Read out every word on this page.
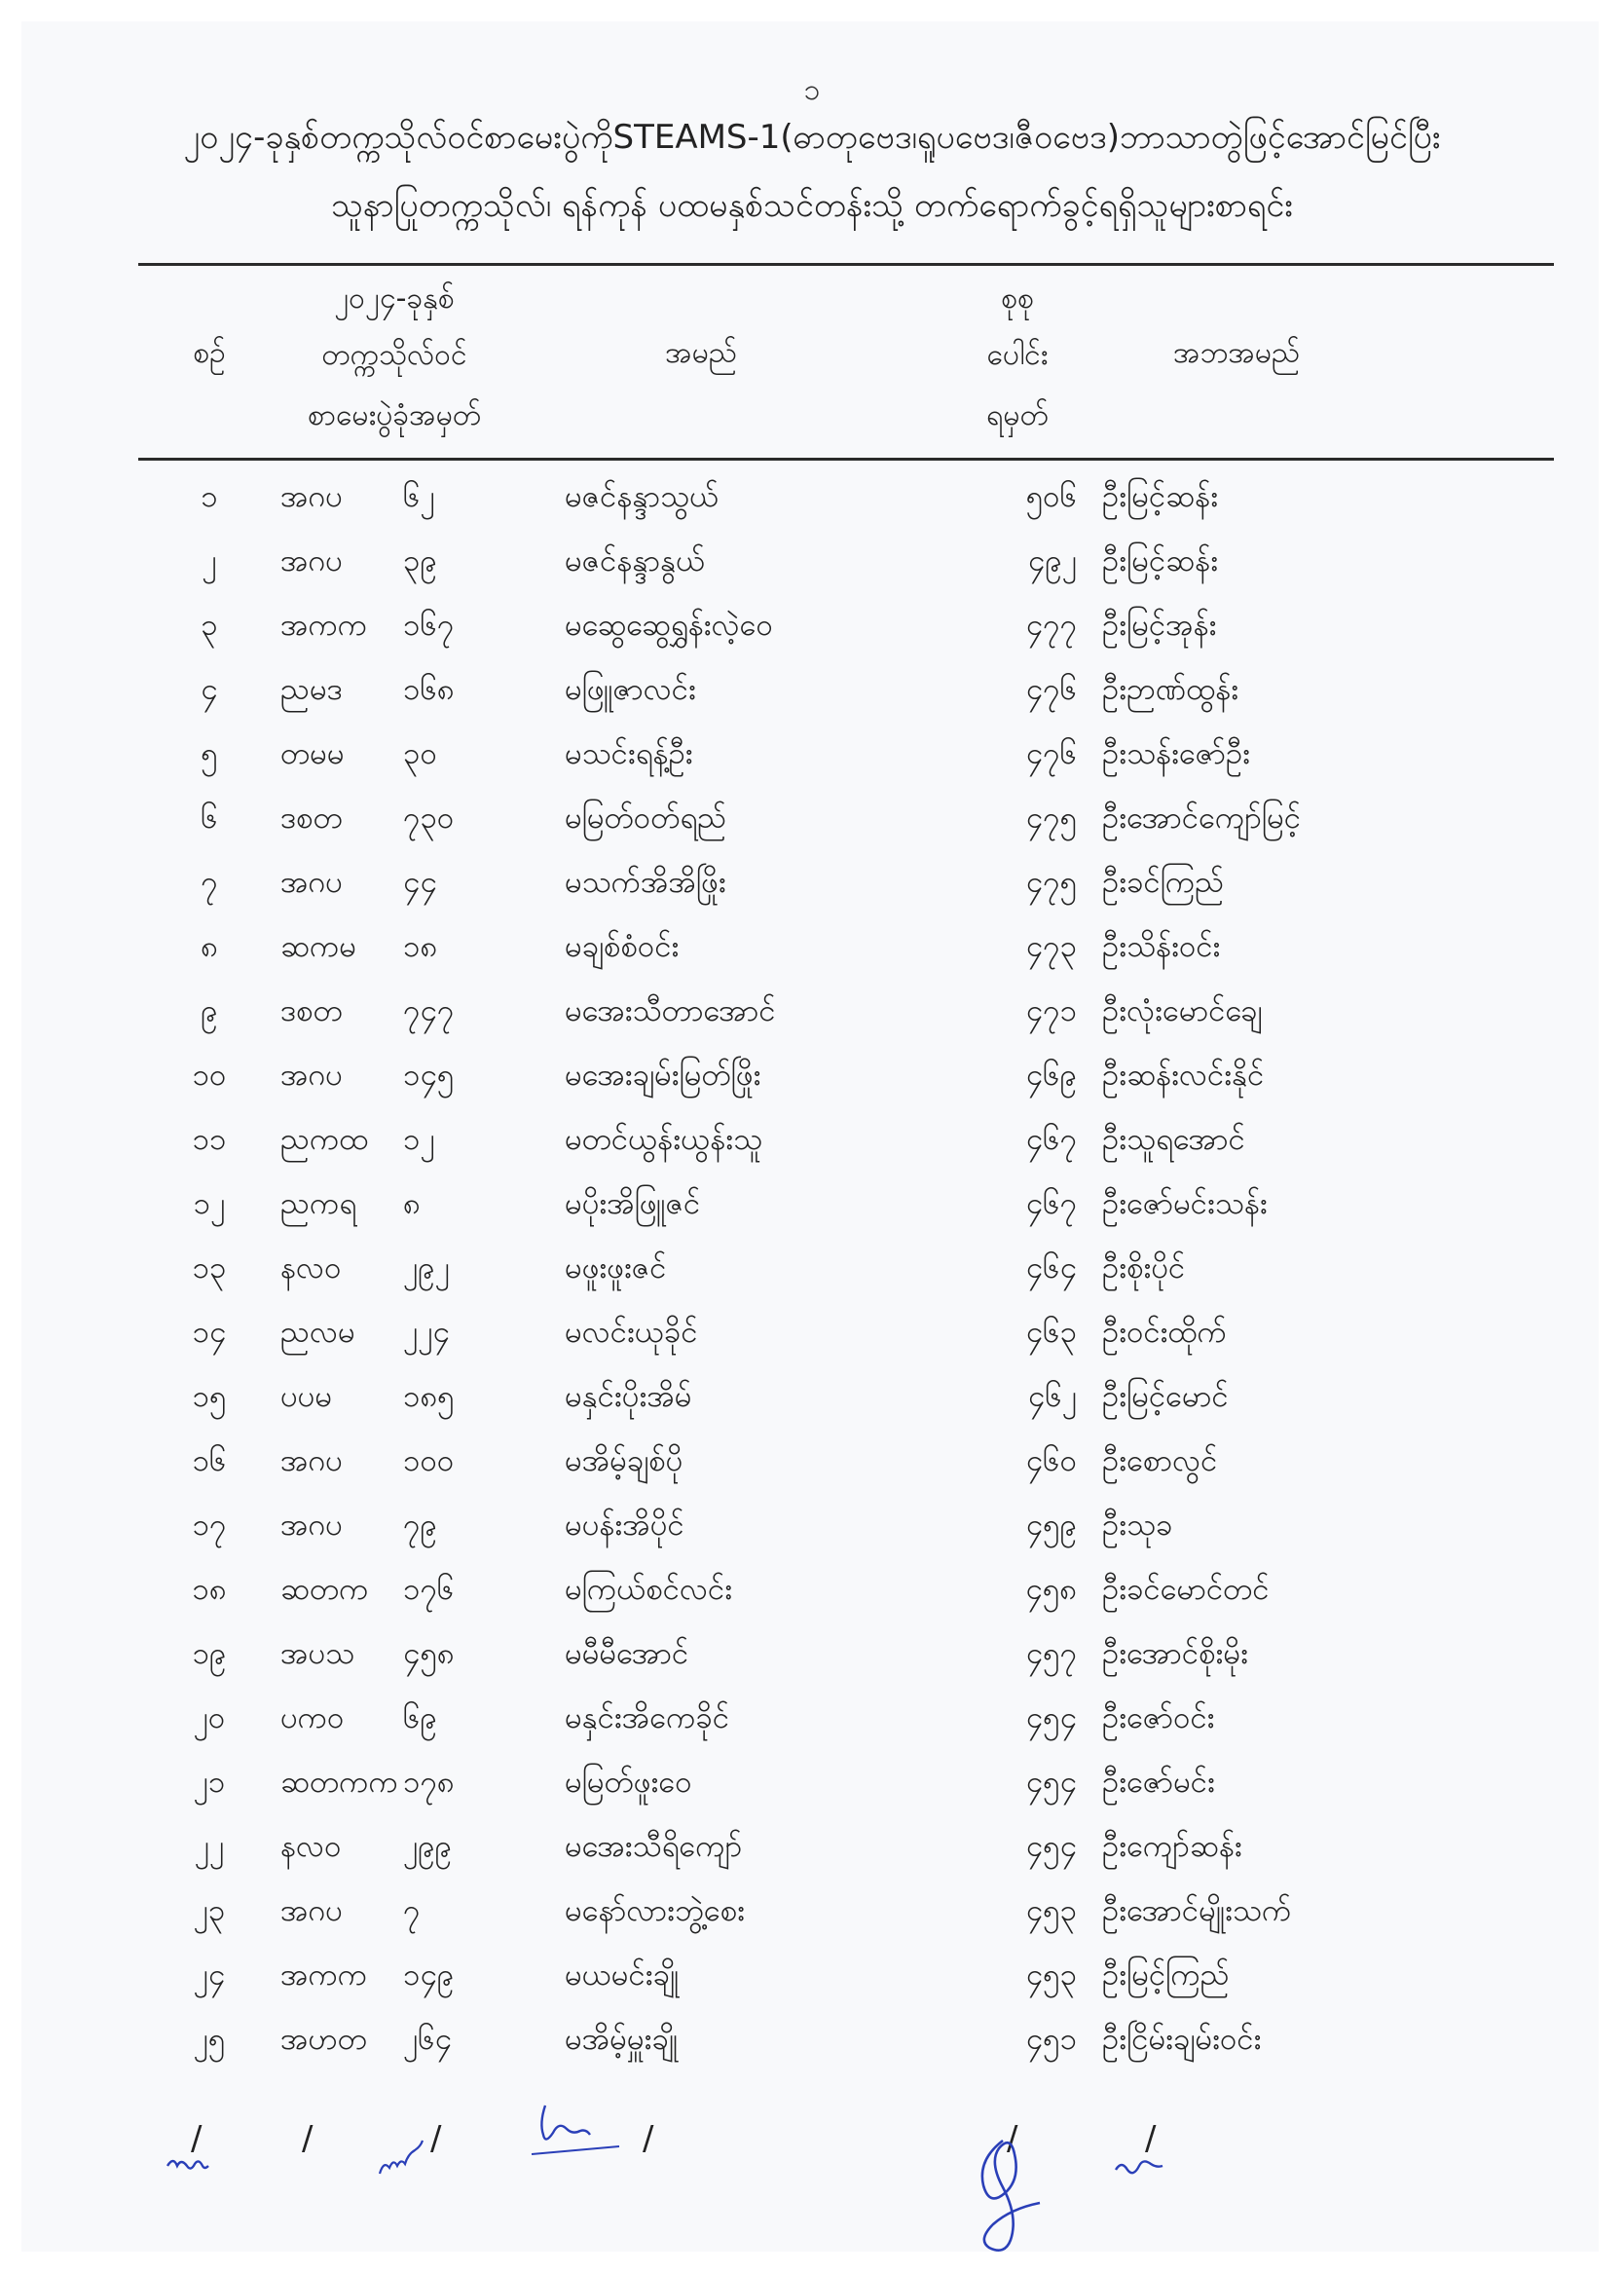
၁
၂၀၂၄-ခုနှစ်တက္ကသိုလ်ဝင်စာမေးပွဲကိုSTEAMS-1(ဓာတုဗေဒ၊ရူပဗေဒ၊ဇီဝဗေဒ)ဘာသာတွဲဖြင့်အောင်မြင်ပြီး
သူနာပြုတက္ကသိုလ်၊ ရန်ကုန် ပထမနှစ်သင်တန်းသို့ တက်ရောက်ခွင့်ရရှိသူများစာရင်း
စဉ်
၂၀၂၄-ခုနှစ်
တက္ကသိုလ်ဝင်
စာမေးပွဲခုံအမှတ်
အမည်
စုစု
ပေါင်း
ရမှတ်
အဘအမည်
၁	အဂပ ၆၂	မဇင်နန္ဒာသွယ်	၅၀၆ ဦးမြင့်ဆန်း
၂	အဂပ ၃၉	မဇင်နန္ဒာနွယ်	၄၉၂ ဦးမြင့်ဆန်း
၃	အကက ၁၆၇	မဆွေဆွေရွှန်းလဲ့ဝေ	၄၇၇ ဦးမြင့်အုန်း
၄	ညမဒ ၁၆၈	မဖြူဇာလင်း	၄၇၆ ဦးဉာဏ်ထွန်း
၅	တမမ ၃၀	မသင်းရန့်ဦး	၄၇၆ ဦးသန်းဇော်ဦး
၆	ဒစတ ၇၃၀	မမြတ်ဝတ်ရည်	၄၇၅ ဦးအောင်ကျော်မြင့်
၇	အဂပ ၄၄	မသက်အိအိဖြိုး	၄၇၅ ဦးခင်ကြည်
၈	ဆကမ ၁၈	မချစ်စံဝင်း	၄၇၃ ဦးသိန်းဝင်း
၉	ဒစတ ၇၄၇	မအေးသီတာအောင်	၄၇၁ ဦးလုံးမောင်ချေ
၁၀	အဂပ ၁၄၅	မအေးချမ်းမြတ်ဖြိုး	၄၆၉ ဦးဆန်းလင်းနိုင်
၁၁	ညကထ ၁၂	မတင်ယွန်းယွန်းသူ	၄၆၇ ဦးသူရအောင်
၁၂	ညကရ ၈	မပိုးအိဖြူဇင်	၄၆၇ ဦးဇော်မင်းသန်း
၁၃	နလဝ ၂၉၂	မဖူးဖူးဇင်	၄၆၄ ဦးစိုးပိုင်
၁၄	ညလမ ၂၂၄	မလင်းယုခိုင်	၄၆၃ ဦးဝင်းထိုက်
၁၅	ပပမ ၁၈၅	မနှင်းပိုးအိမ်	၄၆၂ ဦးမြင့်မောင်
၁၆	အဂပ ၁၀၀	မအိမ့်ချစ်ပို	၄၆၀ ဦးစောလွင်
၁၇	အဂပ ၇၉	မပန်းအိပိုင်	၄၅၉ ဦးသုခ
၁၈	ဆတက ၁၇၆	မကြယ်စင်လင်း	၄၅၈ ဦးခင်မောင်တင်
၁၉	အပသ ၄၅၈	မမီမီအောင်	၄၅၇ ဦးအောင်စိုးမိုး
၂၀	ပကဝ ၆၉	မနှင်းအိကေခိုင်	၄၅၄ ဦးဇော်ဝင်း
၂၁	ဆတကက ၁၇၈	မမြတ်ဖူးဝေ	၄၅၄ ဦးဇော်မင်း
၂၂	နလဝ ၂၉၉	မအေးသီရိကျော်	၄၅၄ ဦးကျော်ဆန်း
၂၃	အဂပ ၇	မနော်လားဘွဲ့စေး	၄၅၃ ဦးအောင်မျိုးသက်
၂၄	အကက ၁၄၉	မယမင်းချို	၄၅၃ ဦးမြင့်ကြည်
၂၅	အဟတ ၂၆၄	မအိမ့်မှူးချို	၄၅၁ ဦးငြိမ်းချမ်းဝင်း
/	/	/	/	/	/
